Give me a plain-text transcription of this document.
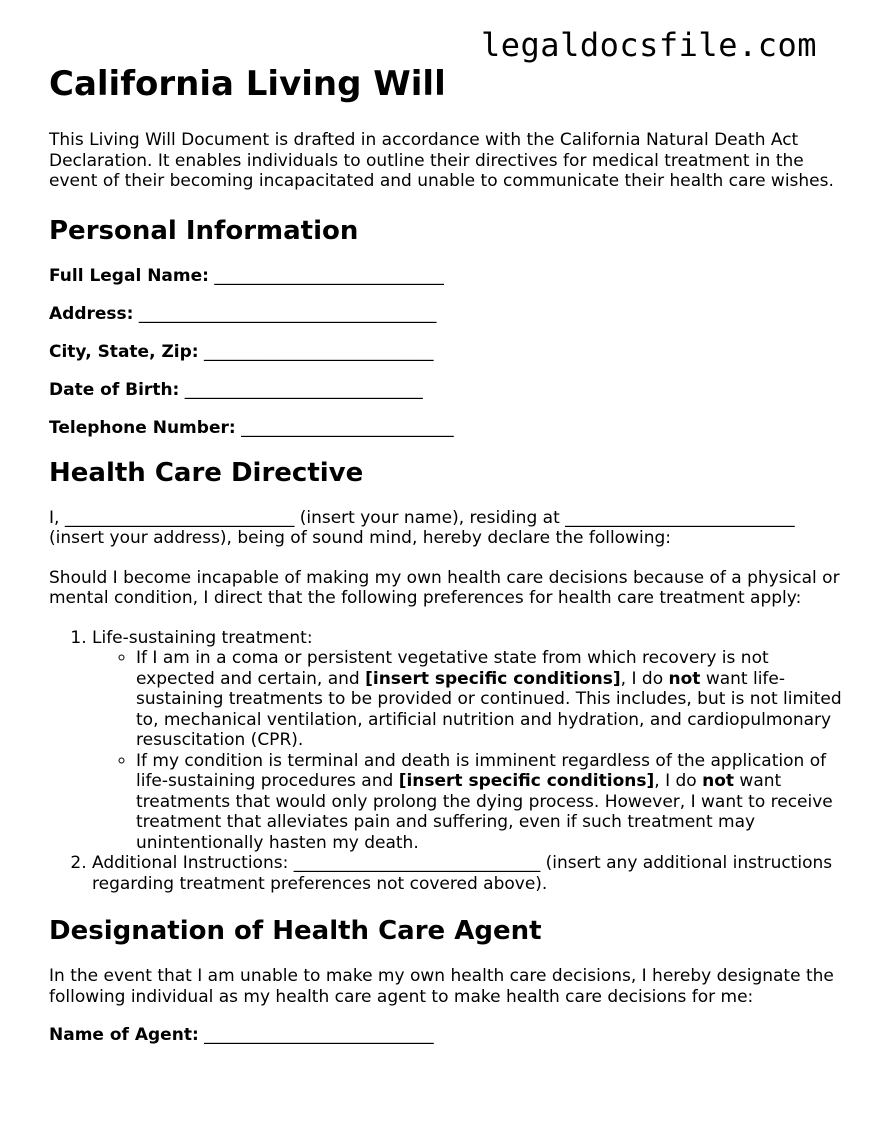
legaldocsfile.com
California Living Will

This Living Will Document is drafted in accordance with the California Natural Death Act Declaration. It enables individuals to outline their directives for medical treatment in the event of their becoming incapacitated and unable to communicate their health care wishes.

Personal Information
Full Legal Name: ___________________________
Address: ___________________________________
City, State, Zip: ___________________________
Date of Birth: ____________________________
Telephone Number: _________________________
Health Care Directive

I, ___________________________ (insert your name), residing at ___________________________ (insert your address), being of sound mind, hereby declare the following:

Should I become incapable of making my own health care decisions because of a physical or mental condition, I direct that the following preferences for health care treatment apply:

1. Life-sustaining treatment:
◦ If I am in a coma or persistent vegetative state from which recovery is not expected and certain, and [insert specific conditions], I do not want life-sustaining treatments to be provided or continued. This includes, but is not limited to, mechanical ventilation, artificial nutrition and hydration, and cardiopulmonary resuscitation (CPR).
◦ If my condition is terminal and death is imminent regardless of the application of life-sustaining procedures and [insert specific conditions], I do not want treatments that would only prolong the dying process. However, I want to receive treatment that alleviates pain and suffering, even if such treatment may unintentionally hasten my death.
2. Additional Instructions: _____________________________ (insert any additional instructions regarding treatment preferences not covered above).
Designation of Health Care Agent

In the event that I am unable to make my own health care decisions, I hereby designate the following individual as my health care agent to make health care decisions for me:

Name of Agent: ___________________________
